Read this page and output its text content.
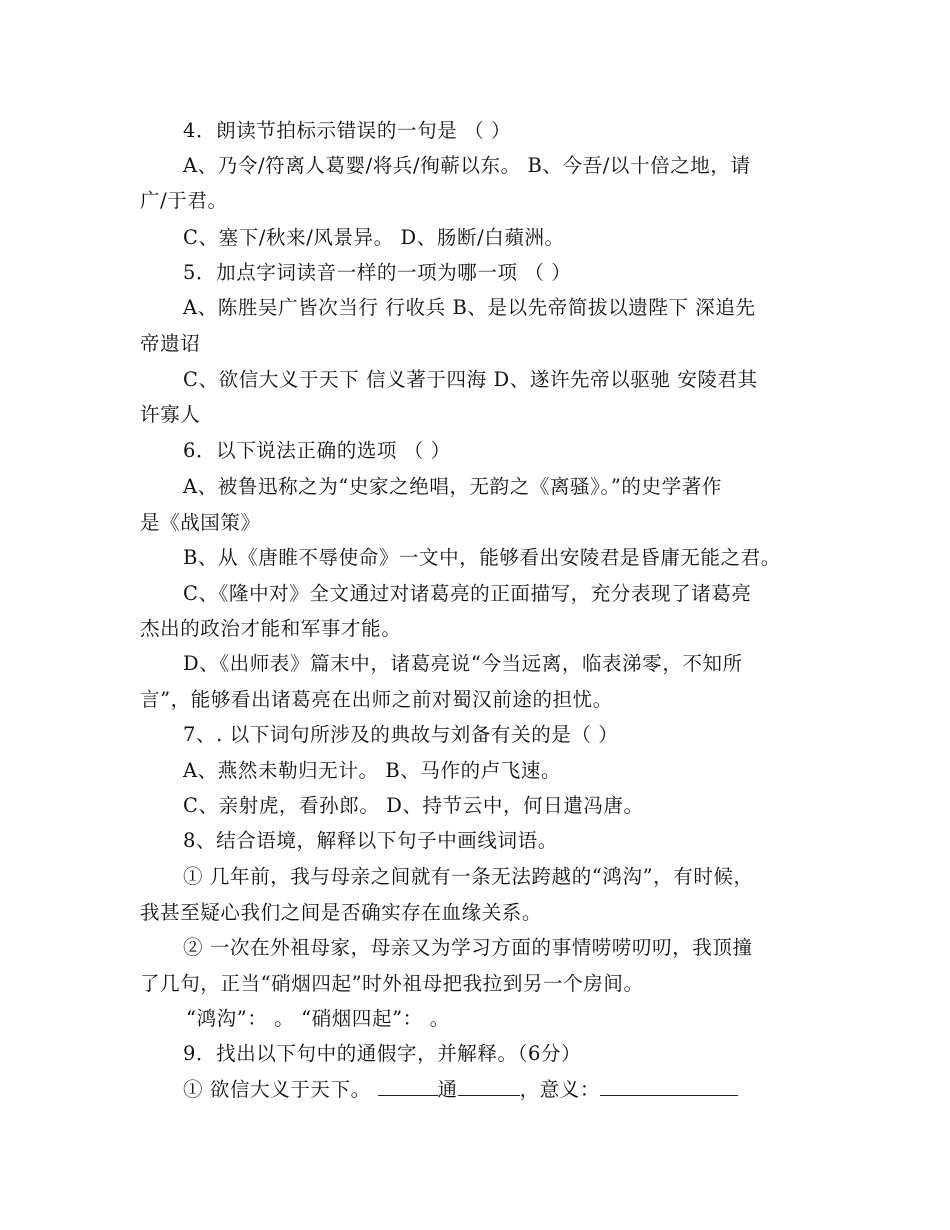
4．朗读节拍标示错误的一句是 （ ）
A、乃令/符离人葛婴/将兵/徇蕲以东。 B、今吾/以十倍之地，请
广/于君。
C、塞下/秋来/风景异。 D、肠断/白蘋洲。
5．加点字词读音一样的一项为哪一项 （ ）
A、陈胜吴广皆次当行 行收兵 B、是以先帝简拔以遗陛下 深追先
帝遗诏
C、欲信大义于天下 信义著于四海 D、遂许先帝以驱驰 安陵君其
许寡人
6．以下说法正确的选项 （ ）
A、被鲁迅称之为“史家之绝唱，无韵之《离骚》。”的史学著作
是《战国策》
B、从《唐睢不辱使命》一文中，能够看出安陵君是昏庸无能之君。
C、《隆中对》全文通过对诸葛亮的正面描写，充分表现了诸葛亮
杰出的政治才能和军事才能。
D、《出师表》篇末中，诸葛亮说“今当远离，临表涕零，不知所
言”，能够看出诸葛亮在出师之前对蜀汉前途的担忧。
7、. 以下词句所涉及的典故与刘备有关的是（ ）
A、燕然未勒归无计。 B、马作的卢飞速。
C、亲射虎，看孙郎。 D、持节云中，何日遣冯唐。
8、结合语境，解释以下句子中画线词语。
① 几年前，我与母亲之间就有一条无法跨越的“鸿沟”，有时候，
我甚至疑心我们之间是否确实存在血缘关系。
② 一次在外祖母家，母亲又为学习方面的事情唠唠叨叨，我顶撞
了几句，正当“硝烟四起”时外祖母把我拉到另一个房间。
“鸿沟”： 。 “硝烟四起”： 。
9．找出以下句中的通假字，并解释。（6分）
① 欲信大义于天下。	通	，意义：
